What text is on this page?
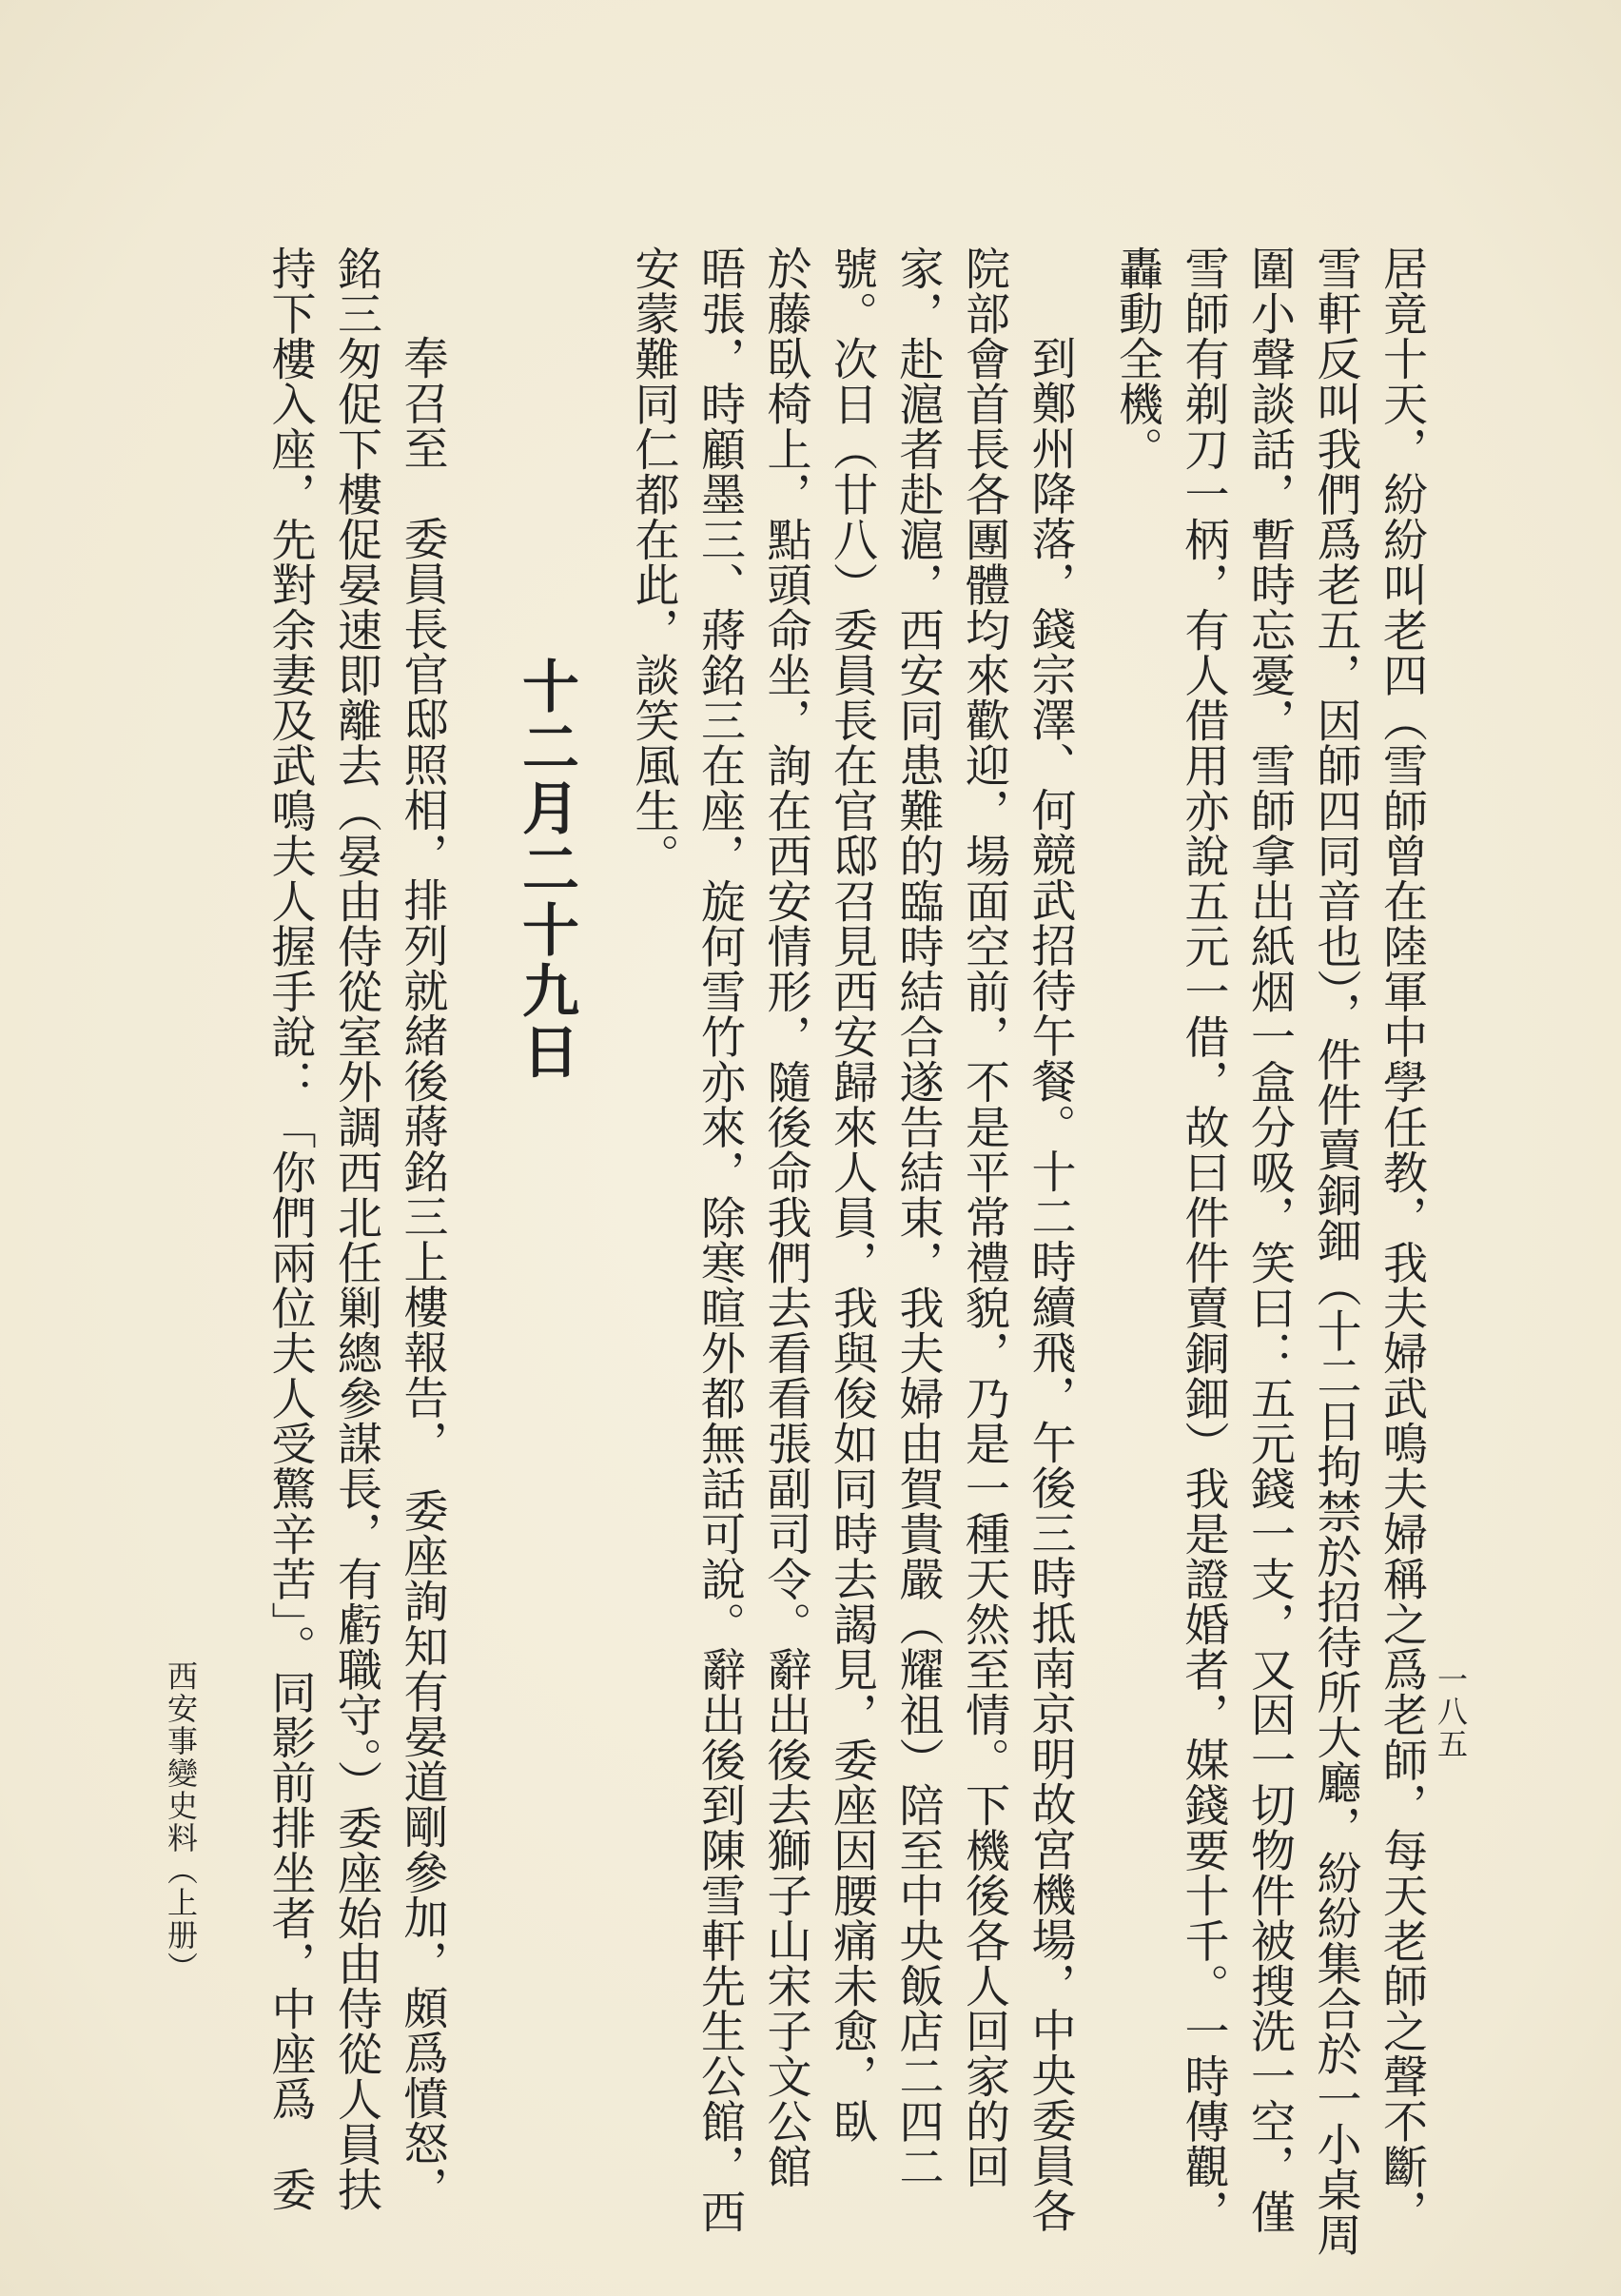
居竟十天，紛紛叫老四（雪師曾在陸軍中學任教，我夫婦武鳴夫婦稱之爲老師，每天老師之聲不斷，
雪軒反叫我們爲老五，因師四同音也），件件賣銅鈿（十二日拘禁於招待所大廳，紛紛集合於一小桌周
圍小聲談話，暫時忘憂，雪師拿出紙烟一盒分吸，笑曰：五元錢一支，又因一切物件被搜洗一空，僅
雪師有剃刀一柄，有人借用亦說五元一借，故曰件件賣銅鈿）我是證婚者，媒錢要十千。一時傳觀，
轟動全機。
到鄭州降落，錢宗澤、何競武招待午餐。十二時續飛，午後三時抵南京明故宮機場，中央委員各
院部會首長各團體均來歡迎，場面空前，不是平常禮貌，乃是一種天然至情。下機後各人回家的回
家，赴滬者赴滬，西安同患難的臨時結合遂告結束，我夫婦由賀貴嚴（耀祖）陪至中央飯店二四二
號。次日（廿八）委員長在官邸召見西安歸來人員，我與俊如同時去謁見，委座因腰痛未愈，臥
於藤臥椅上，點頭命坐，詢在西安情形，隨後命我們去看看張副司令。辭出後去獅子山宋子文公館
晤張，時顧墨三、蔣銘三在座，旋何雪竹亦來，除寒暄外都無話可說。辭出後到陳雪軒先生公館，西
安蒙難同仁都在此，談笑風生。
十二月二十九日
奉召至　委員長官邸照相，排列就緒後蔣銘三上樓報告，　委座詢知有晏道剛參加，頗爲憤怒，
銘三匆促下樓促晏速即離去（晏由侍從室外調西北任剿總參謀長，有虧職守。）委座始由侍從人員扶
持下樓入座，先對余妻及武鳴夫人握手說：「你們兩位夫人受驚辛苦」。同影前排坐者，中座爲　委
西安事變史料（上册）	一八五
